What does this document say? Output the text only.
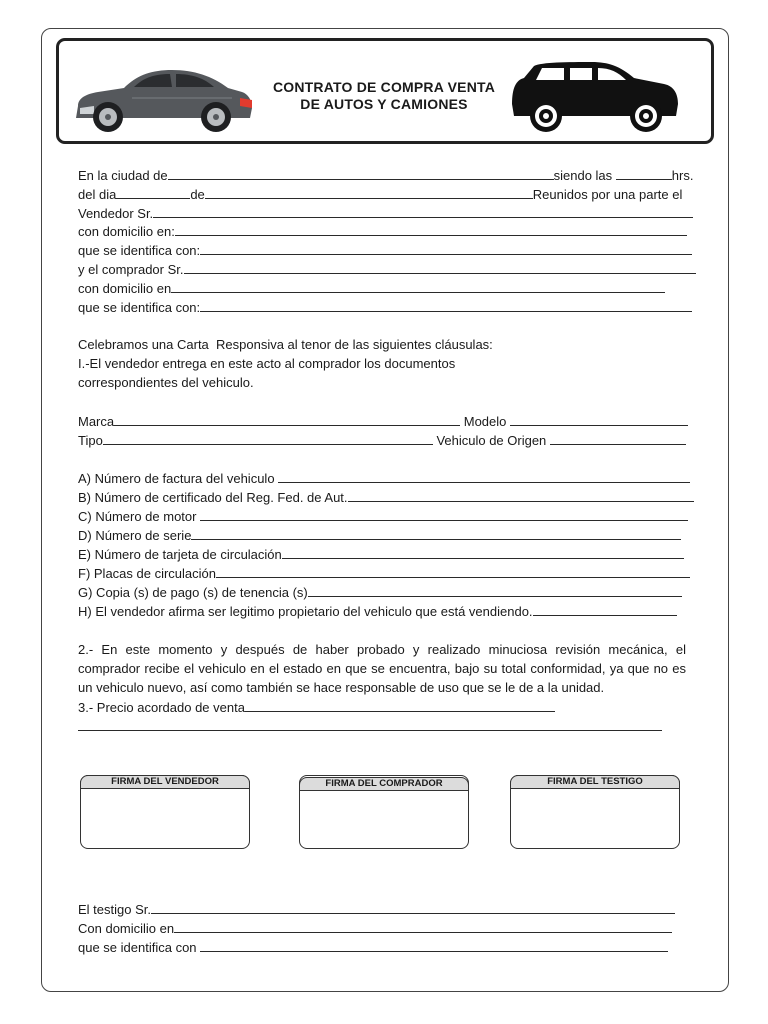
CONTRATO DE COMPRA VENTA
DE AUTOS Y CAMIONES
En la ciudad de	siendo las	hrs.
del dia	de	Reunidos por una parte el
Vendedor Sr.
con domicilio en:
que se identifica con:
y el comprador Sr.
con domicilio en
que se identifica con:
Celebramos una Carta  Responsiva al tenor de las siguientes cláusulas:
I.-El vendedor entrega en este acto al comprador los documentos
correspondientes del vehiculo.
Marca	Modelo
Tipo	Vehiculo de Origen
A) Número de factura del vehiculo
B) Número de certificado del Reg. Fed. de Aut.
C) Número de motor
D) Número de serie
E) Número de tarjeta de circulación
F) Placas de circulación
G) Copia (s) de pago (s) de tenencia (s)
H) El vendedor afirma ser legitimo propietario del vehiculo que está vendiendo.
2.- En este momento y después de haber probado y realizado minuciosa revisión mecánica, el comprador recibe el vehiculo en el estado en que se encuentra, bajo su total conformidad, ya que no es un vehiculo nuevo, así como también se hace responsable de uso que se le de a la unidad.
3.- Precio acordado de venta
FIRMA DEL VENDEDOR	FIRMA DEL COMPRADOR	FIRMA DEL TESTIGO
El testigo Sr.
Con domicilio en
que se identifica con
